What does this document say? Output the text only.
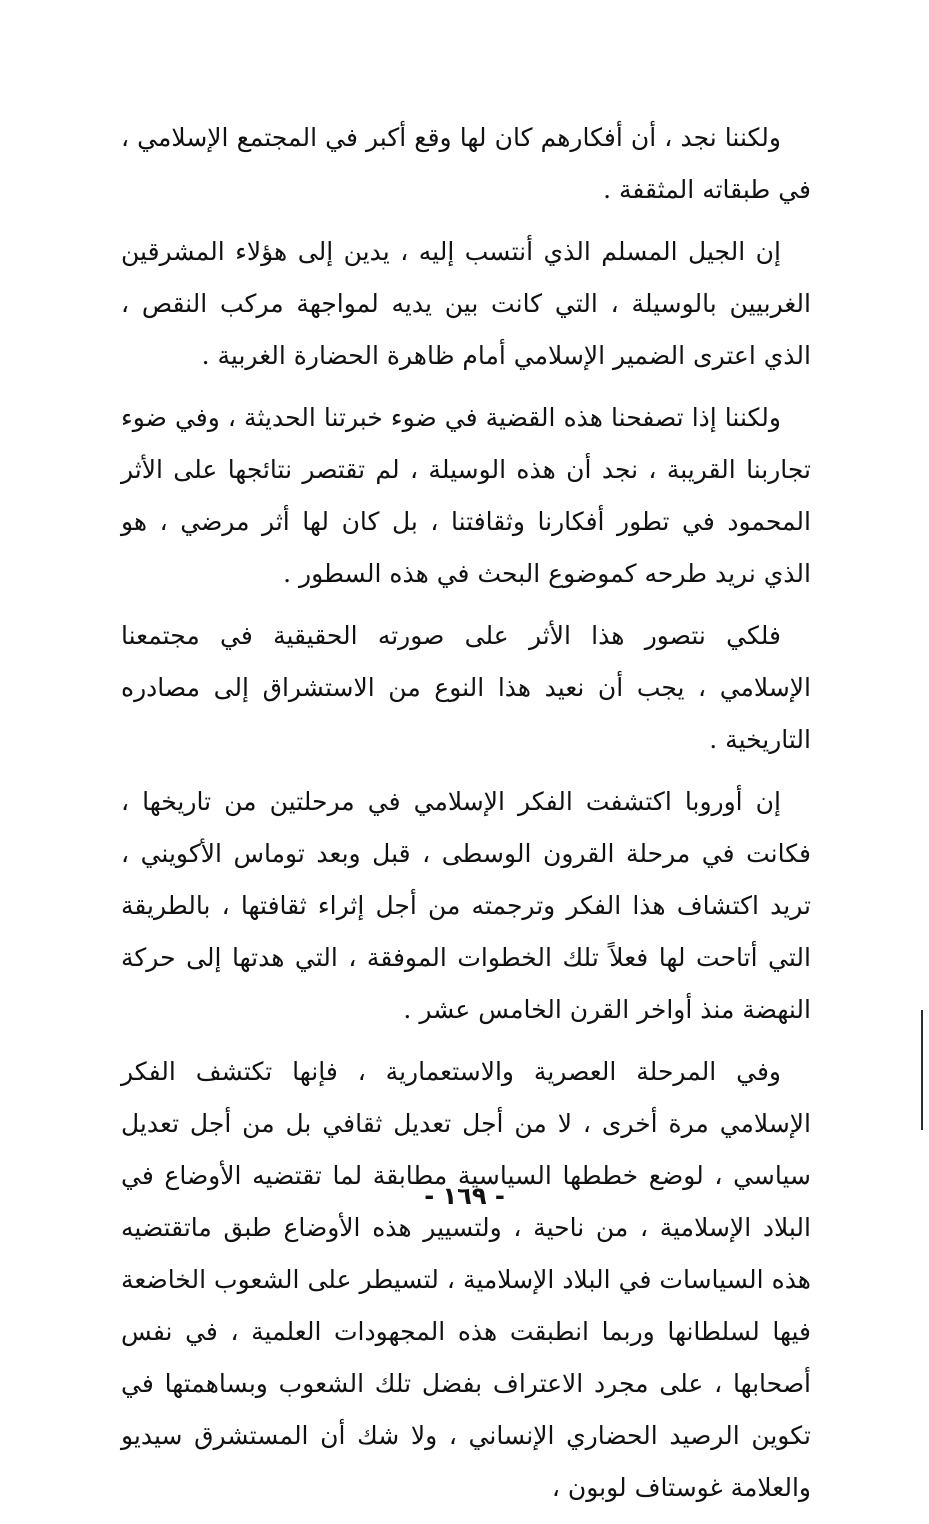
ولكننا نجد ، أن أفكارهم كان لها وقع أكبر في المجتمع الإسلامي ، في طبقاته المثقفة .

إن الجيل المسلم الذي أنتسب إليه ، يدين إلى هؤلاء المشرقين الغربيين بالوسيلة ، التي كانت بين يديه لمواجهة مركب النقص ، الذي اعترى الضمير الإسلامي أمام ظاهرة الحضارة الغربية .

ولكننا إذا تصفحنا هذه القضية في ضوء خبرتنا الحديثة ، وفي ضوء تجاربنا القريبة ، نجد أن هذه الوسيلة ، لم تقتصر نتائجها على الأثر المحمود في تطور أفكارنا وثقافتنا ، بل كان لها أثر مرضي ، هو الذي نريد طرحه كموضوع البحث في هذه السطور .

فلكي نتصور هذا الأثر على صورته الحقيقية في مجتمعنا الإسلامي ، يجب أن نعيد هذا النوع من الاستشراق إلى مصادره التاريخية .

إن أوروبا اكتشفت الفكر الإسلامي في مرحلتين من تاريخها ، فكانت في مرحلة القرون الوسطى ، قبل وبعد توماس الأكويني ، تريد اكتشاف هذا الفكر وترجمته من أجل إثراء ثقافتها ، بالطريقة التي أتاحت لها فعلاً تلك الخطوات الموفقة ، التي هدتها إلى حركة النهضة منذ أواخر القرن الخامس عشر .

وفي المرحلة العصرية والاستعمارية ، فإنها تكتشف الفكر الإسلامي مرة أخرى ، لا من أجل تعديل ثقافي بل من أجل تعديل سياسي ، لوضع خططها السياسية مطابقة لما تقتضيه الأوضاع في البلاد الإسلامية ، من ناحية ، ولتسيير هذه الأوضاع طبق ماتقتضيه هذه السياسات في البلاد الإسلامية ، لتسيطر على الشعوب الخاضعة فيها لسلطانها وربما انطبقت هذه المجهودات العلمية ، في نفس أصحابها ، على مجرد الاعتراف بفضل تلك الشعوب وبساهمتها في تكوين الرصيد الحضاري الإنساني ، ولا شك أن المستشرق سيديو والعلامة غوستاف لوبون ،

- ١٦٩ -
